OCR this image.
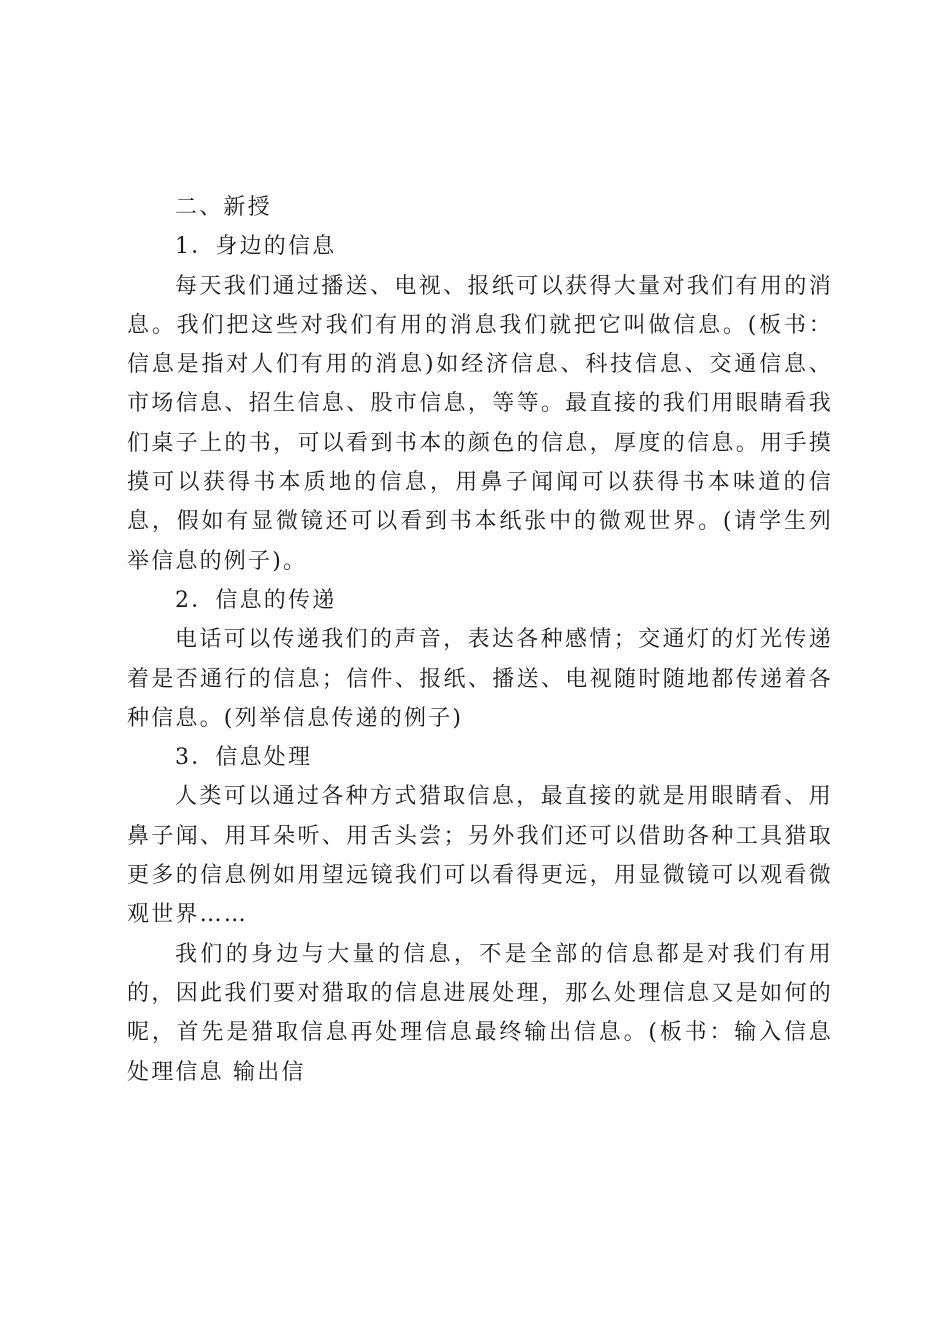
二、新授

1．身边的信息

每天我们通过播送、电视、报纸可以获得大量对我们有用的消息。我们把这些对我们有用的消息我们就把它叫做信息。(板书：信息是指对人们有用的消息)如经济信息、科技信息、交通信息、市场信息、招生信息、股市信息，等等。最直接的我们用眼睛看我们桌子上的书，可以看到书本的颜色的信息，厚度的信息。用手摸摸可以获得书本质地的信息，用鼻子闻闻可以获得书本味道的信息，假如有显微镜还可以看到书本纸张中的微观世界。(请学生列举信息的例子)。

2．信息的传递

电话可以传递我们的声音，表达各种感情；交通灯的灯光传递着是否通行的信息；信件、报纸、播送、电视随时随地都传递着各种信息。(列举信息传递的例子)

3．信息处理

人类可以通过各种方式猎取信息，最直接的就是用眼睛看、用鼻子闻、用耳朵听、用舌头尝；另外我们还可以借助各种工具猎取更多的信息例如用望远镜我们可以看得更远，用显微镜可以观看微观世界……

我们的身边与大量的信息，不是全部的信息都是对我们有用的，因此我们要对猎取的信息进展处理，那么处理信息又是如何的呢，首先是猎取信息再处理信息最终输出信息。(板书：输入信息 处理信息 输出信
